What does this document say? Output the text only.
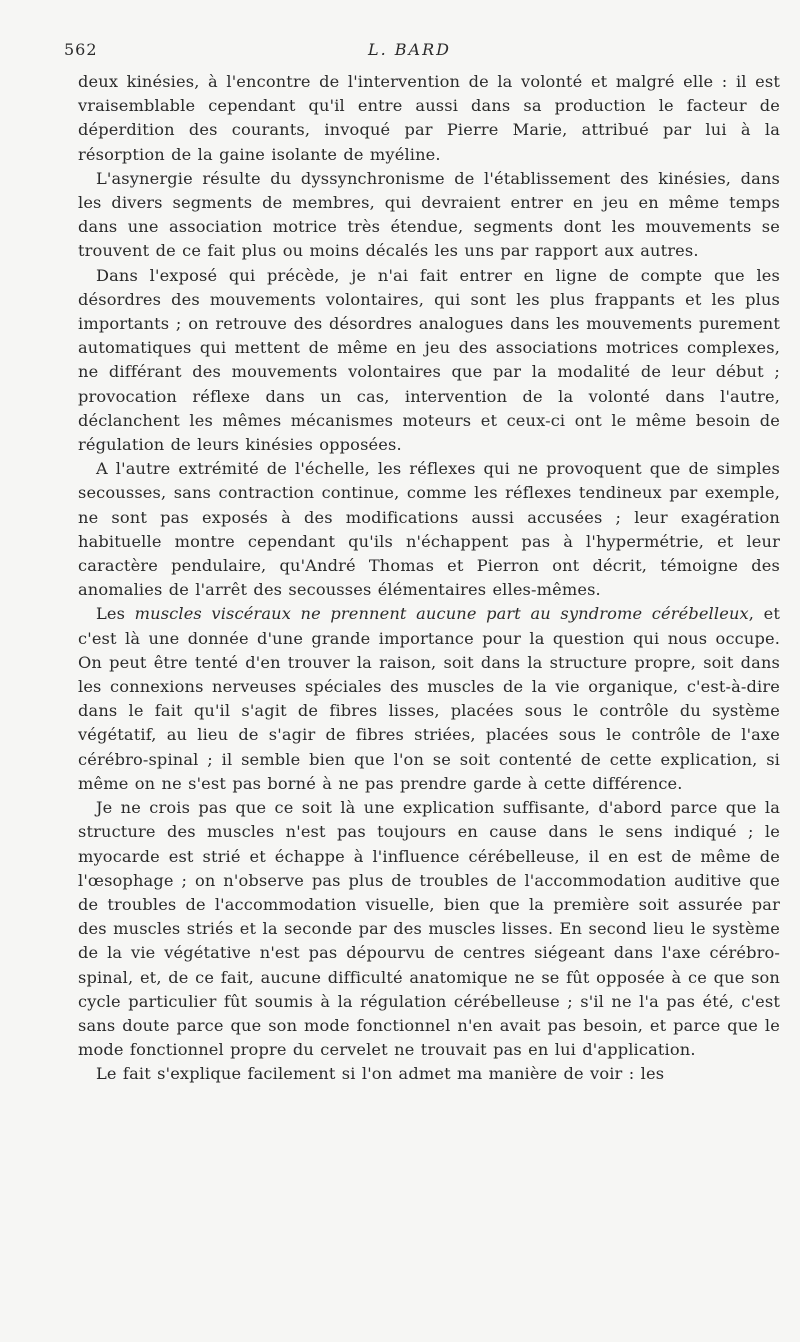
562	L. BARD

deux kinésies, à l'encontre de l'intervention de la volonté et malgré elle : il est vraisemblable cependant qu'il entre aussi dans sa production le facteur de déperdition des courants, invoqué par Pierre Marie, attribué par lui à la résorption de la gaine isolante de myéline.

L'asynergie résulte du dyssynchronisme de l'établissement des kinésies, dans les divers segments de membres, qui devraient entrer en jeu en même temps dans une association motrice très étendue, segments dont les mouvements se trouvent de ce fait plus ou moins décalés les uns par rapport aux autres.

Dans l'exposé qui précède, je n'ai fait entrer en ligne de compte que les désordres des mouvements volontaires, qui sont les plus frappants et les plus importants ; on retrouve des désordres analogues dans les mouvements purement automatiques qui mettent de même en jeu des associations motrices complexes, ne différant des mouvements volontaires que par la modalité de leur début ; provocation réflexe dans un cas, intervention de la volonté dans l'autre, déclanchent les mêmes mécanismes moteurs et ceux-ci ont le même besoin de régulation de leurs kinésies opposées.

A l'autre extrémité de l'échelle, les réflexes qui ne provoquent que de simples secousses, sans contraction continue, comme les réflexes tendineux par exemple, ne sont pas exposés à des modifications aussi accusées ; leur exagération habituelle montre cependant qu'ils n'échappent pas à l'hypermétrie, et leur caractère pendulaire, qu'André Thomas et Pierron ont décrit, témoigne des anomalies de l'arrêt des secousses élémentaires elles-mêmes.

Les muscles viscéraux ne prennent aucune part au syndrome cérébelleux, et c'est là une donnée d'une grande importance pour la question qui nous occupe. On peut être tenté d'en trouver la raison, soit dans la structure propre, soit dans les connexions nerveuses spéciales des muscles de la vie organique, c'est-à-dire dans le fait qu'il s'agit de fibres lisses, placées sous le contrôle du système végétatif, au lieu de s'agir de fibres striées, placées sous le contrôle de l'axe cérébro-spinal ; il semble bien que l'on se soit contenté de cette explication, si même on ne s'est pas borné à ne pas prendre garde à cette différence.

Je ne crois pas que ce soit là une explication suffisante, d'abord parce que la structure des muscles n'est pas toujours en cause dans le sens indiqué ; le myocarde est strié et échappe à l'influence cérébelleuse, il en est de même de l'œsophage ; on n'observe pas plus de troubles de l'accommodation auditive que de troubles de l'accommodation visuelle, bien que la première soit assurée par des muscles striés et la seconde par des muscles lisses. En second lieu le système de la vie végétative n'est pas dépourvu de centres siégeant dans l'axe cérébro-spinal, et, de ce fait, aucune difficulté anatomique ne se fût opposée à ce que son cycle particulier fût soumis à la régulation cérébelleuse ; s'il ne l'a pas été, c'est sans doute parce que son mode fonctionnel n'en avait pas besoin, et parce que le mode fonctionnel propre du cervelet ne trouvait pas en lui d'application.

Le fait s'explique facilement si l'on admet ma manière de voir : les
